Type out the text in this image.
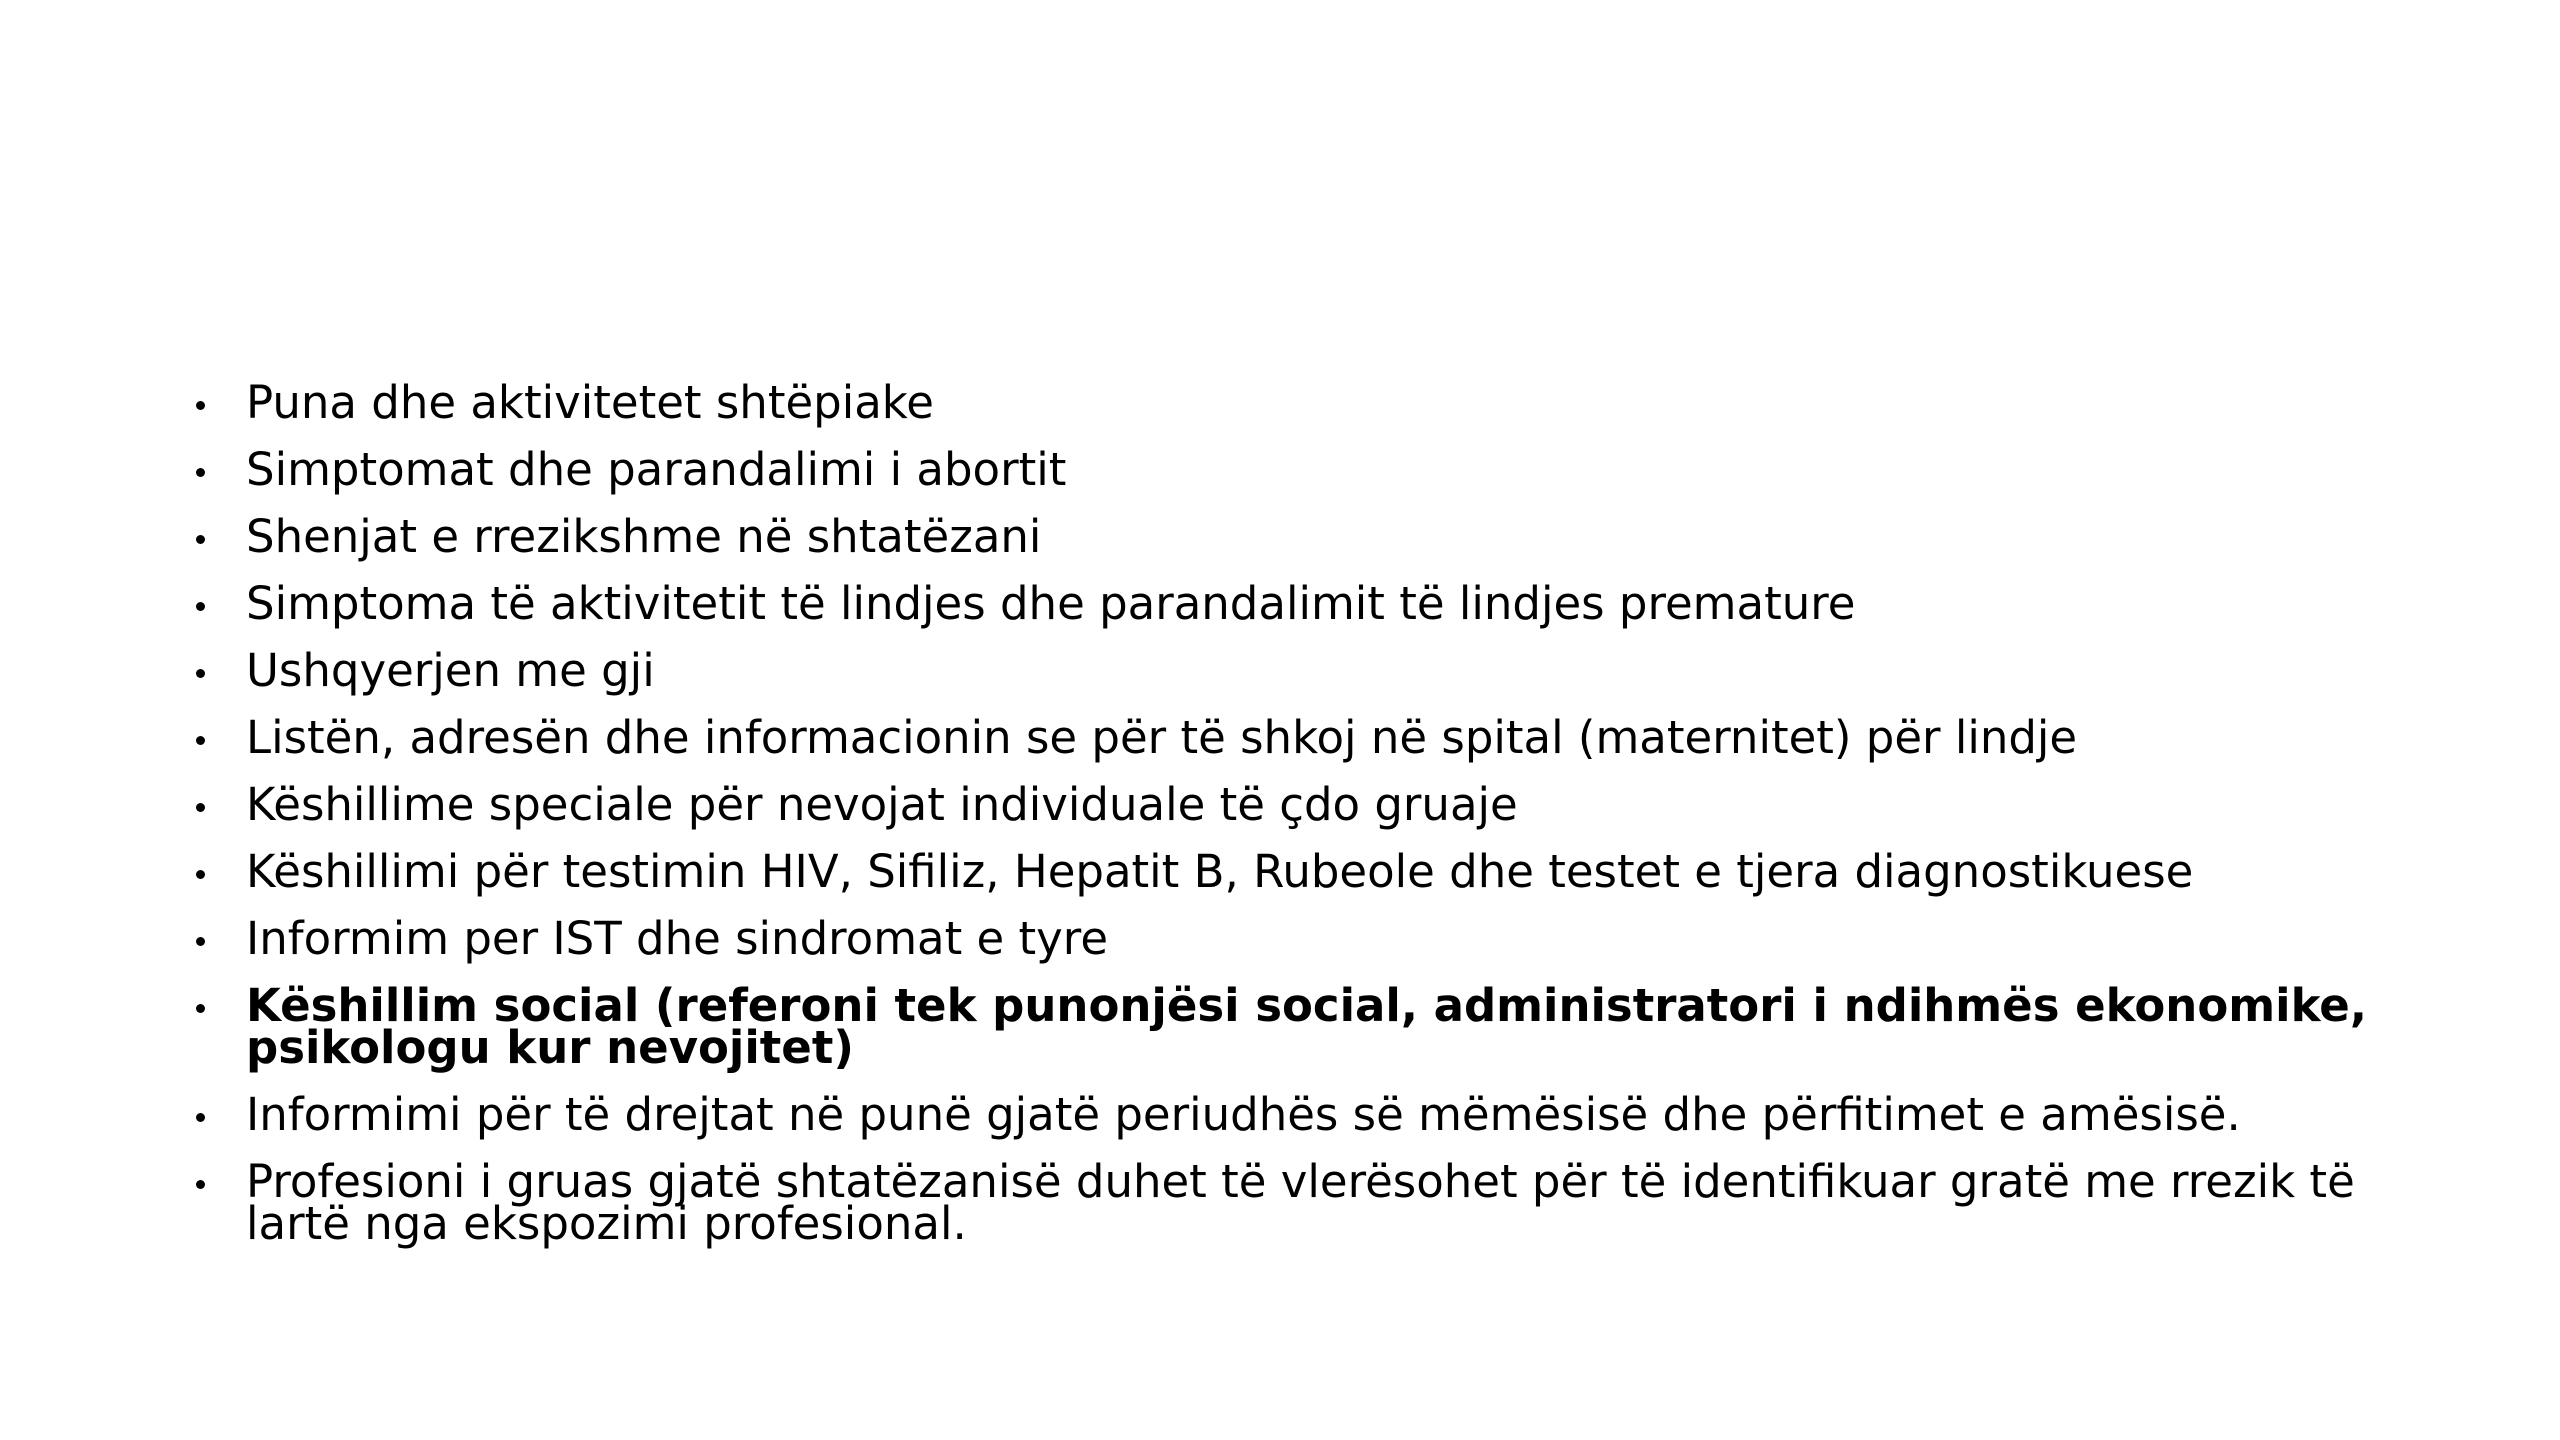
Puna dhe aktivitetet shtëpiake
Simptomat dhe parandalimi i abortit
Shenjat e rrezikshme në shtatëzani
Simptoma të aktivitetit të lindjes dhe parandalimit të lindjes premature
Ushqyerjen me gji
Listën, adresën dhe informacionin se për të shkoj në spital (maternitet) për lindje
Këshillime speciale për nevojat individuale të çdo gruaje
Këshillimi për testimin HIV, Sifiliz, Hepatit B, Rubeole dhe testet e tjera diagnostikuese
Informim per IST dhe sindromat e tyre
Këshillim social (referoni tek punonjësi social, administratori i ndihmës ekonomike, psikologu kur nevojitet)
Informimi për të drejtat në punë gjatë periudhës së mëmësisë dhe përfitimet e amësisë.
Profesioni i gruas gjatë shtatëzanisë duhet të vlerësohet për të identifikuar gratë me rrezik të lartë nga ekspozimi profesional.
